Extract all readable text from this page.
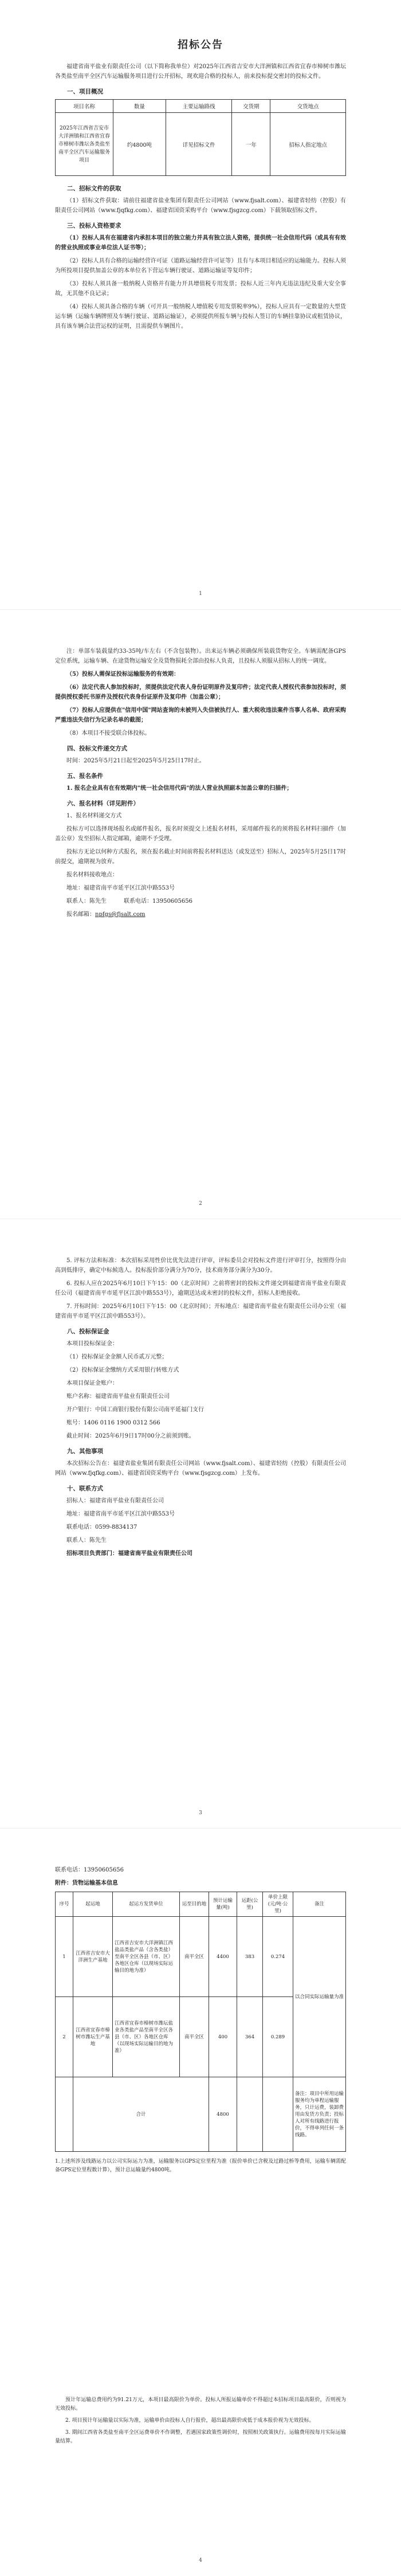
招标公告

福建省南平盐业有限责任公司（以下简称我单位）对2025年江西省吉安市大洋洲镇和江西省宜春市樟树市潍坛各类盐至南平全区汽车运输服务项目进行公开招标，现欢迎合格的投标人，前来投标提交密封的投标文件。

一、项目概况
项目名称	数量	主要运输路线	交货期	交货地点
2025年江西省吉安市大洋洲镇和江西省宜春市樟树市潍坛各类盐至南平全区汽车运输服务项目	约4800吨	详见招标文件	一年	招标人指定地点
二、招标文件的获取

（1）招标文件获取：请前往福建省盐业集团有限责任公司网站（www.fjsalt.com）、福建省轻纺（控股）有限责任公司网站（www.fjqfkg.com）、福建省国资采购平台（www.fjsgzcg.com）下载领取招标文件。

三、投标人资格要求

（1）投标人具有在福建省内承担本项目的独立能力并具有独立法人资格，提供统一社会信用代码（或具有有效的营业执照或事业单位法人证书等）；

（2）投标人具有合格的运输经营许可证（道路运输经营许可证等）且有与本项目相适应的运输能力。投标人须为所投项目提供加盖公章的本单位名下营运车辆行驶证、道路运输证等复印件；

（3）投标人须具备一般纳税人资格并有能力开具增值税专用发票；投标人近三年内无违法违纪及重大安全事故，无其他不良记录；

（4）投标人须具备合格的车辆（可开具一般纳税人增值税专用发票税率9%），投标人应具有一定数量的大型货运车辆（运输车辆牌照及车辆行驶证、道路运输证），必须提供所报车辆与投标人签订的车辆挂靠协议或租赁协议，具有该车辆合法营运权的证明，且需提供车辆图片。

1

注：单部车装载量约33-35吨/车左右（不含包装物）。出来运车辆必须确保所装载货物安全。车辆需配备GPS定位系统，运输车辆、在途货物运输安全及货物损耗全部由投标人负责，且投标人须服从招标人的统一调度。

（5）投标人需保证投标运输服务的有效期：

（6）法定代表人参加投标时，须提供法定代表人身份证明原件及复印件；法定代表人授权代表参加投标时，须提供授权委托书原件及授权代表身份证原件及复印件（加盖公章）；

（7）投标人应提供在"信用中国"网站查询的未被列入失信被执行人、重大税收违法案件当事人名单、政府采购严重违法失信行为记录名单的截图；

（8）本项目不接受联合体投标。

四、投标文件递交方式

时间：2025年5月21日起至2025年5月25日17时止。

五、报名条件

1. 报名企业具有在有效期内"统一社会信用代码"的法人营业执照副本加盖公章的扫描件；

六、报名材料（详见附件）

1、报名材料递交方式

投标方可以选择现场报名或邮件报名，报名时须提交上述报名材料，采用邮件报名的须将报名材料扫描件（加盖公章）发至招标人指定邮箱，逾期不予受理。

投标方无论以何种方式报名，须在报名截止时间前将报名材料送达（或发送至）招标人，2025年5月25日17时前提交，逾期视为放弃。

报名材料接收地点：

地址：福建省南平市延平区江滨中路553号

联系人：陈先生　　　联系电话：13950605656

报名邮箱：npfgs@fjsalt.com

2

5. 评标方法和标准：本次招标采用性价比优先法进行评审，评标委员会对投标文件进行评审打分，按照得分由高到低排序，确定中标候选人。投标报价部分满分为70分，技术商务部分满分为30分。

6. 投标人应在2025年6月10日下午15：00（北京时间）之前将密封的投标文件递交到福建省南平盐业有限责任公司（福建省南平市延平区江滨中路553号），逾期送达或未密封的投标文件，招标人拒绝接收。

7. 开标时间：2025年6月10日下午15：00（北京时间）；开标地点：福建省南平盐业有限责任公司办公室（福建省南平市延平区江滨中路553号）。

八、投标保证金

本项目投标保证金：

（1）投标保证金金额人民币贰万元整；

（2）投标保证金缴纳方式采用银行转账方式

本项目保证金账户：

账户名称：福建省南平盐业有限责任公司

开户银行：中国工商银行股份有限公司南平延福门支行

账号：1406 0116 1900 0312 566

截止时间：2025年6月9日17时00分之前须到账。

九、其他事项

本次招标公告在：福建省盐业集团有限责任公司网站（www.fjsalt.com）、福建省轻纺（控股）有限责任公司网站（www.fjqfkg.com）、福建省国资采购平台（www.fjsgzcg.com）上发布。

十、联系方式

招标人：福建省南平盐业有限责任公司

地址：福建省南平市延平区江滨中路553号

联系电话：0599-8834137

联系人：陈先生

招标项目负责部门：福建省南平盐业有限责任公司

3

联系电话：13950605656

附件：货物运输基本信息

序号	起运地	起运方发货单位	运至目的地	预计运输量(吨)	运距(公里)	单价上限(元/吨·公里)	备注
1	江西省吉安市大洋洲生产基地	江西省吉安市大洋洲镇江西盐品类盐产品（含各类盐）至南平全区各县（市、区）各地区仓库（以现场实际运输目的地为准）	南平全区	4400	383	0.274	以合同实际运输量为准
2	江西省宜春市樟树市潍坛生产基地	江西省宜春市樟树市潍坛盐业各类盐产品至南平全区各县（市、区）各地区仓库（以现场实际运输目的地为准）	南平全区	400	364	0.289	
	合计			4800			备注：项目中所用运输服务均为单程运输服务，只计运费，装卸费用由发货方负责；投标人对所有线路进行报价，不得单列任何一条线路。

1.上述所涉及线路运力以公司实际运力为准，运输服务以GPS定位里程为准（报价单价已含税及过路过桥等费用，运输车辆需配备GPS定位里程数计算），预计总运输量约4800吨。

预计年运输总费用约为91.21万元，本项目最高限价为单价。投标人所报运输单价不得超过本招标项目最高限价，否则视为无效投标。

2. 项目预计年运输量以实际为准，运输单价由投标人自行报价，超出最高限价或低于成本报价视为无效投标。

3. 期间江西省各类盐至南平全区运费单价不作调整，若遇国家政策性调价时，按照相关政策执行。运输费用按每月实际运输量结算。

4
